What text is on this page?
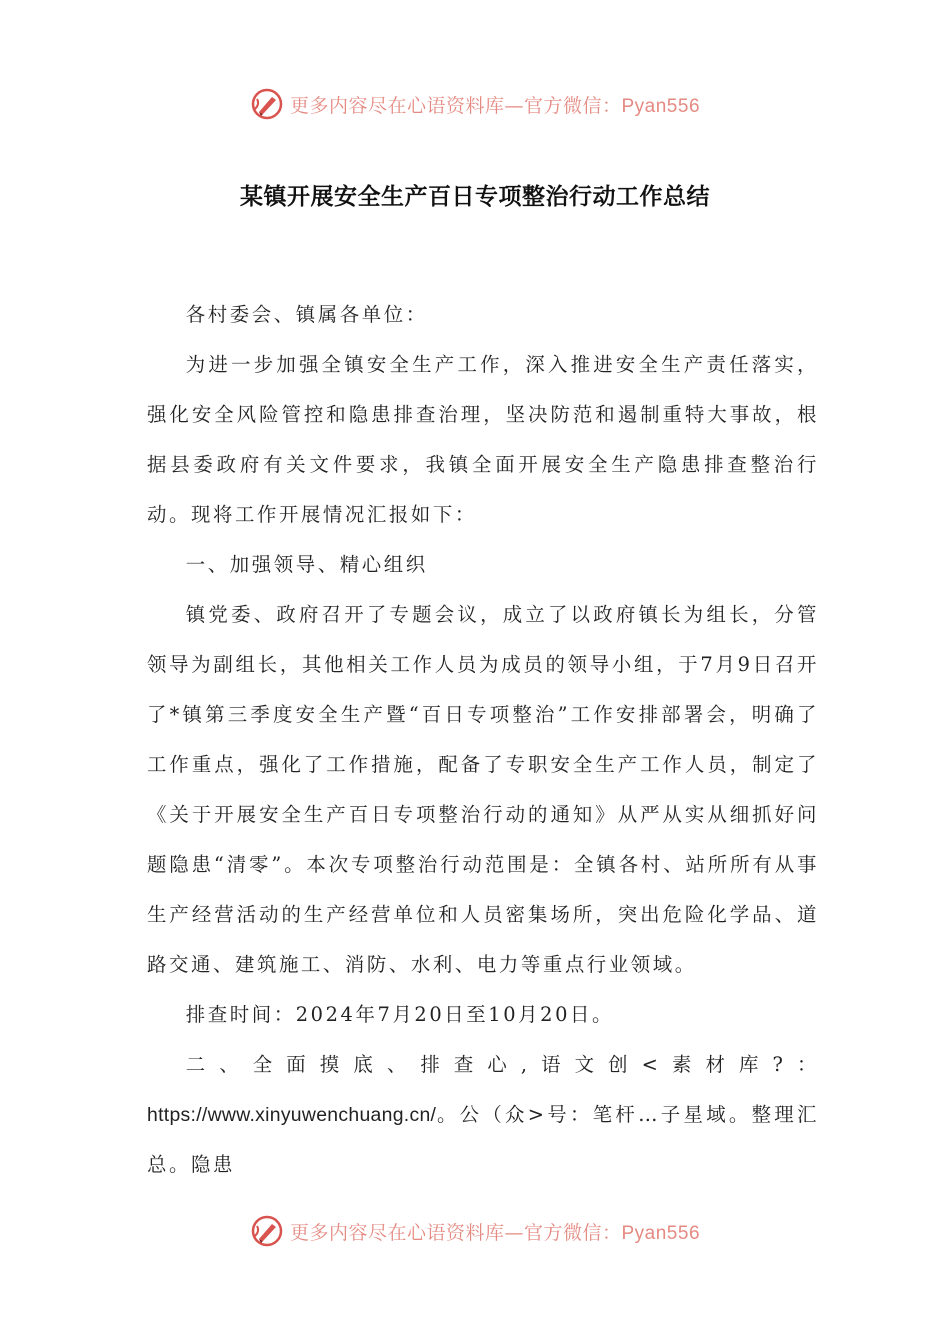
更多内容尽在心语资料库—官方微信：Pyan556
某镇开展安全生产百日专项整治行动工作总结

各村委会、镇属各单位：

为进一步加强全镇安全生产工作，深入推进安全生产责任落实，强化安全风险管控和隐患排查治理，坚决防范和遏制重特大事故，根据县委政府有关文件要求，我镇全面开展安全生产隐患排查整治行动。现将工作开展情况汇报如下：

一、加强领导、精心组织

镇党委、政府召开了专题会议，成立了以政府镇长为组长，分管领导为副组长，其他相关工作人员为成员的领导小组，于7月9日召开了*镇第三季度安全生产暨“百日专项整治”工作安排部署会，明确了工作重点，强化了工作措施，配备了专职安全生产工作人员，制定了《关于开展安全生产百日专项整治行动的通知》从严从实从细抓好问题隐患“清零”。本次专项整治行动范围是：全镇各村、站所所有从事生产经营活动的生产经营单位和人员密集场所，突出危险化学品、道路交通、建筑施工、消防、水利、电力等重点行业领域。

排查时间：2024年7月20日至10月20日。

二、全面摸底、排查心,语文创<素材库?：https://www.xinyuwenchuang.cn/。公（众>号：笔杆…子星域。整理汇总。隐患

更多内容尽在心语资料库—官方微信：Pyan556
